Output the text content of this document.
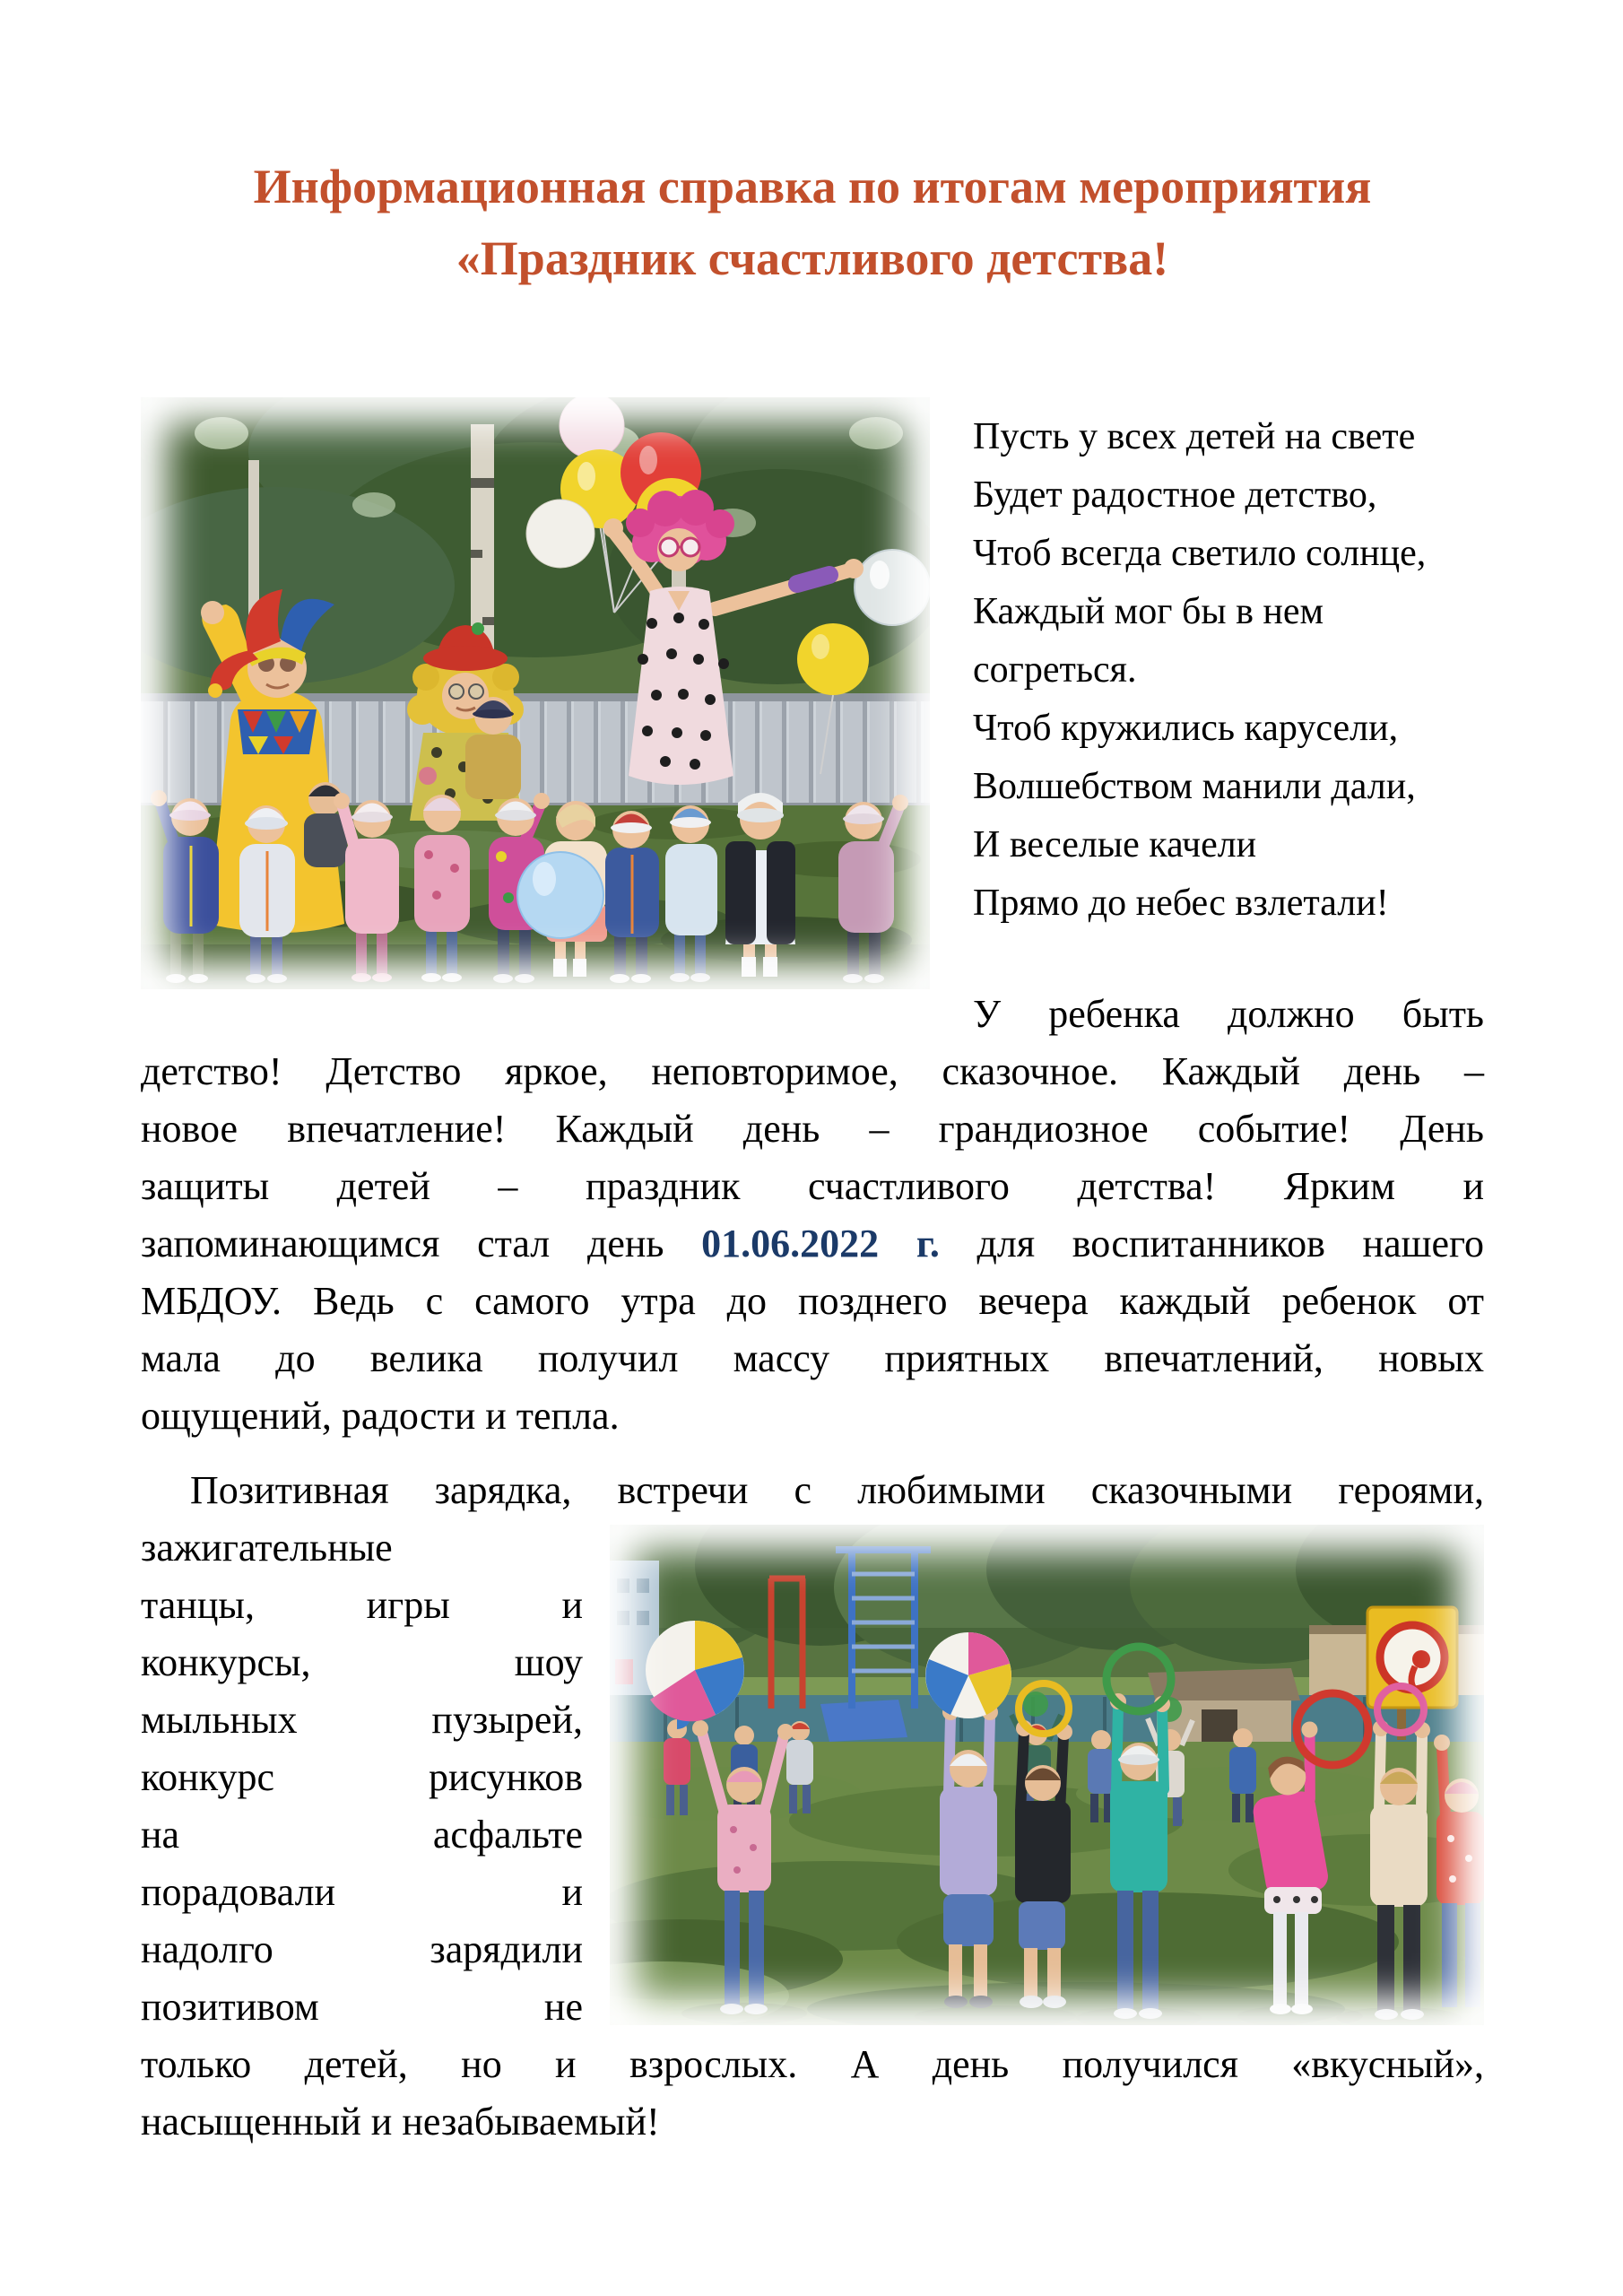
Информационная справка по итогам мероприятия
«Праздник счастливого детства!
Пусть у всех детей на свете
Будет радостное детство,
Чтоб всегда светило солнце,
Каждый мог бы в нем
согреться.
Чтоб кружились карусели,
Волшебством манили дали,
И веселые качели
Прямо до небес взлетали!
У ребенка должно быть
детство! Детство яркое, неповторимое, сказочное. Каждый день –
новое впечатление! Каждый день – грандиозное событие! День
защиты детей – праздник счастливого детства! Ярким и
запоминающимся стал день 01.06.2022 г. для воспитанников нашего
МБДОУ. Ведь с самого утра до позднего вечера каждый ребенок от
мала до велика получил массу приятных впечатлений, новых
ощущений, радости и тепла.
Позитивная зарядка, встречи с любимыми сказочными героями,
зажигательные
танцы, игры и
конкурсы, шоу
мыльных пузырей,
конкурс рисунков
на асфальте
порадовали и
надолго зарядили
позитивом не
только детей, но и взрослых. А день получился «вкусный»,
насыщенный и незабываемый!
